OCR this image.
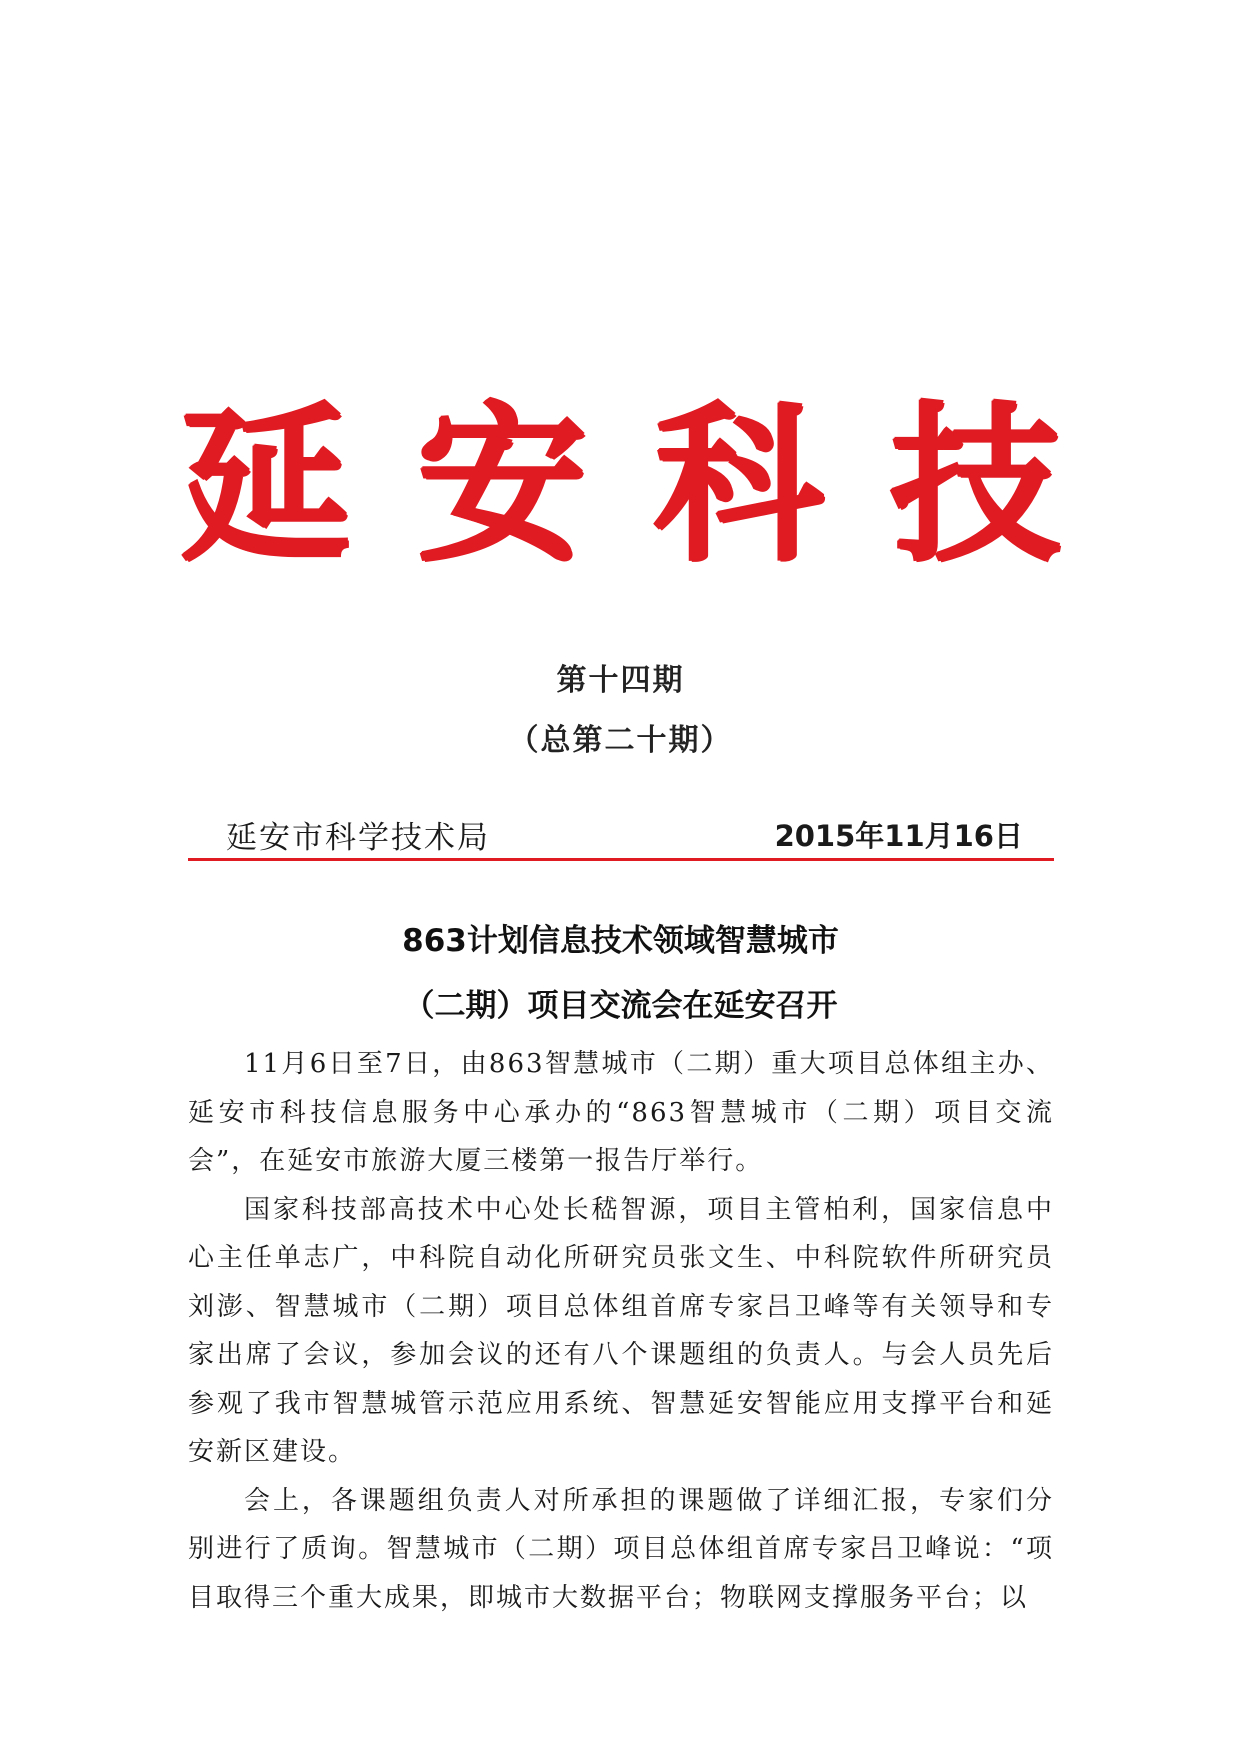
延 安 科 技
第十四期
（总第二十期）
延安市科学技术局	2015年11月16日
863计划信息技术领域智慧城市
（二期）项目交流会在延安召开

11月6日至7日，由863智慧城市（二期）重大项目总体组主办、延安市科技信息服务中心承办的“863智慧城市（二期）项目交流会”，在延安市旅游大厦三楼第一报告厅举行。

国家科技部高技术中心处长嵇智源，项目主管柏利，国家信息中心主任单志广，中科院自动化所研究员张文生、中科院软件所研究员刘澎、智慧城市（二期）项目总体组首席专家吕卫峰等有关领导和专家出席了会议，参加会议的还有八个课题组的负责人。与会人员先后参观了我市智慧城管示范应用系统、智慧延安智能应用支撑平台和延安新区建设。

会上，各课题组负责人对所承担的课题做了详细汇报，专家们分别进行了质询。智慧城市（二期）项目总体组首席专家吕卫峰说：“项目取得三个重大成果，即城市大数据平台；物联网支撑服务平台；以
